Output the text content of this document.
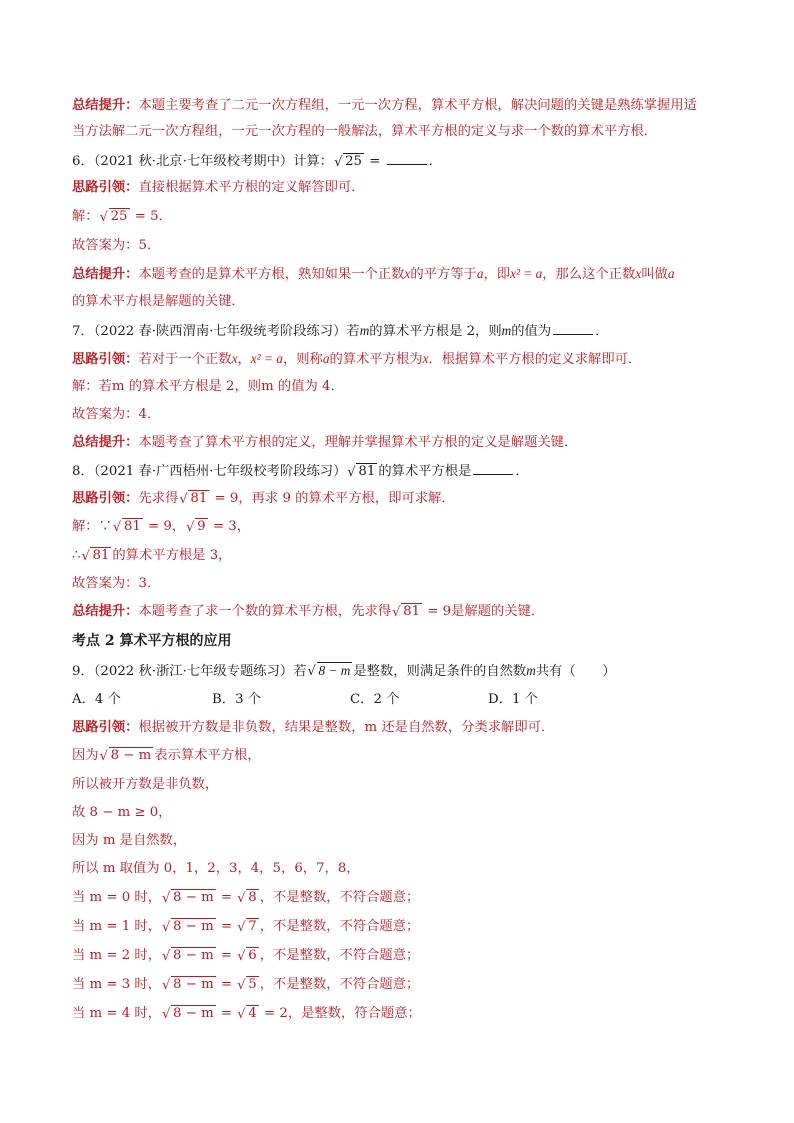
总结提升：本题主要考查了二元一次方程组，一元一次方程，算术平方根，解决问题的关键是熟练掌握用适
当方法解二元一次方程组，一元一次方程的一般解法，算术平方根的定义与求一个数的算术平方根．
6．（2021 秋·北京·七年级校考期中）计算： √ 25 =	．
思路引领：直接根据算术平方根的定义解答即可．
解： √ 25 = 5．
故答案为：5．
总结提升：本题考查的是算术平方根，熟知如果一个正数x的平方等于a，即x² = a，那么这个正数x叫做a
的算术平方根是解题的关键．
7．（2022 春·陕西渭南·七年级统考阶段练习）若m的算术平方根是 2，则m的值为	．
思路引领：若对于一个正数x，x² = a，则称a的算术平方根为x．根据算术平方根的定义求解即可．
解：若m 的算术平方根是 2，则m 的值为 4．
故答案为：4．
总结提升：本题考查了算术平方根的定义，理解并掌握算术平方根的定义是解题关键．
8．（2021 春·广西梧州·七年级校考阶段练习） √ 81 的算术平方根是	．
思路引领：先求得 √ 81 = 9，再求 9 的算术平方根，即可求解．
解：∵ √ 81 = 9， √ 9 = 3，
∴ √ 81 的算术平方根是 3，
故答案为：3．
总结提升：本题考查了求一个数的算术平方根，先求得 √ 81 = 9是解题的关键．
考点 2 算术平方根的应用
9．（2022 秋·浙江·七年级专题练习）若 √ 8 − m 是整数，则满足条件的自然数m共有（　　）
A．4 个	B．3 个	C．2 个	D．1 个
思路引领：根据被开方数是非负数，结果是整数，m 还是自然数，分类求解即可．
因为 √ 8 − m 表示算术平方根，
所以被开方数是非负数，
故 8 − m ≥ 0，
因为 m 是自然数，
所以 m 取值为 0，1，2，3，4，5，6，7，8，
当 m = 0 时， √ 8 − m = √ 8 ，不是整数，不符合题意；
当 m = 1 时， √ 8 − m = √ 7 ，不是整数，不符合题意；
当 m = 2 时， √ 8 − m = √ 6 ，不是整数，不符合题意；
当 m = 3 时， √ 8 − m = √ 5 ，不是整数，不符合题意；
当 m = 4 时， √ 8 − m = √ 4 = 2，是整数，符合题意；
